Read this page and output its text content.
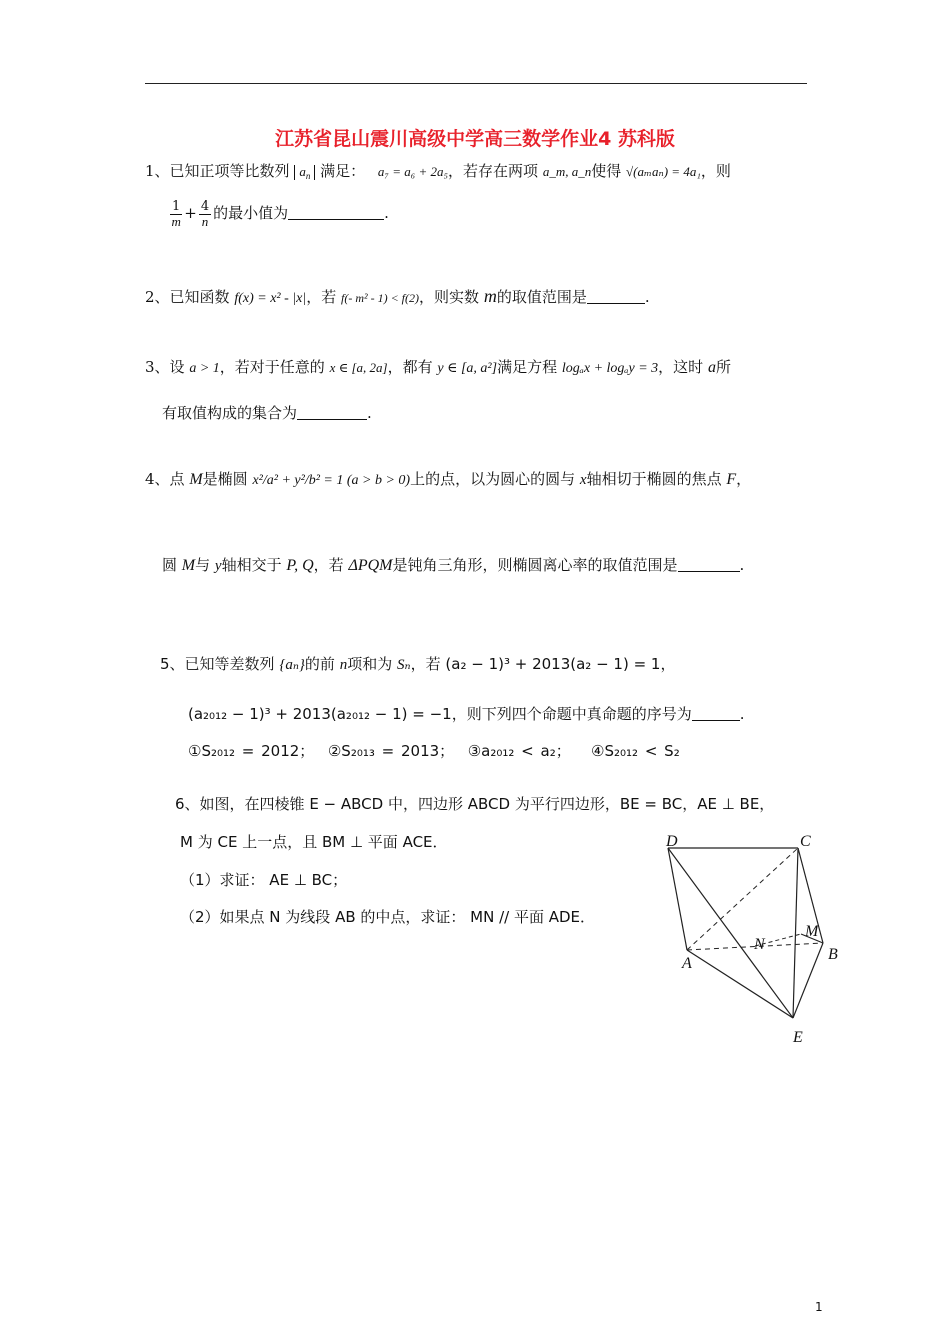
江苏省昆山震川高级中学高三数学作业4 苏科版
1、已知正项等比数列 $a_n$ 满足： a₇ = a₆ + 2a₅，若存在两项 a_m, a_n使得 √(aₘaₙ) = 4a₁，则
$\frac{1}{m} + \frac{4}{n}$ 的最小值为	.
2、已知函数 f(x) = x² - |x|，若 f(- m² - 1) < f(2)，则实数 m的取值范围是	.
3、设 a > 1，若对于任意的 x ∈ [a, 2a]，都有 y ∈ [a, a²]满足方程 logₐx + logₐy = 3，这时 a所
有取值构成的集合为	.
4、点 M是椭圆 x²/a² + y²/b² = 1 (a > b > 0)上的点，以为圆心的圆与 x轴相切于椭圆的焦点 F，
圆 M与 y轴相交于 P, Q，若 ΔPQM是钝角三角形，则椭圆离心率的取值范围是	.
5、已知等差数列 {aₙ}的前 n项和为 Sₙ，若 (a₂ − 1)³ + 2013(a₂ − 1) = 1，
(a₂₀₁₂ − 1)³ + 2013(a₂₀₁₂ − 1) = −1，则下列四个命题中真命题的序号为	.
①S₂₀₁₂ = 2012； ②S₂₀₁₃ = 2013； ③a₂₀₁₂ < a₂； ④S₂₀₁₂ < S₂
6、如图，在四棱锥 E − ABCD 中，四边形 ABCD 为平行四边形，BE = BC，AE ⊥ BE，
M 为 CE 上一点，且 BM ⊥ 平面 ACE．
（1）求证： AE ⊥ BC；
（2）如果点 N 为线段 AB 的中点，求证： MN // 平面 ADE．
D	C
A
B
E
M
N
1
